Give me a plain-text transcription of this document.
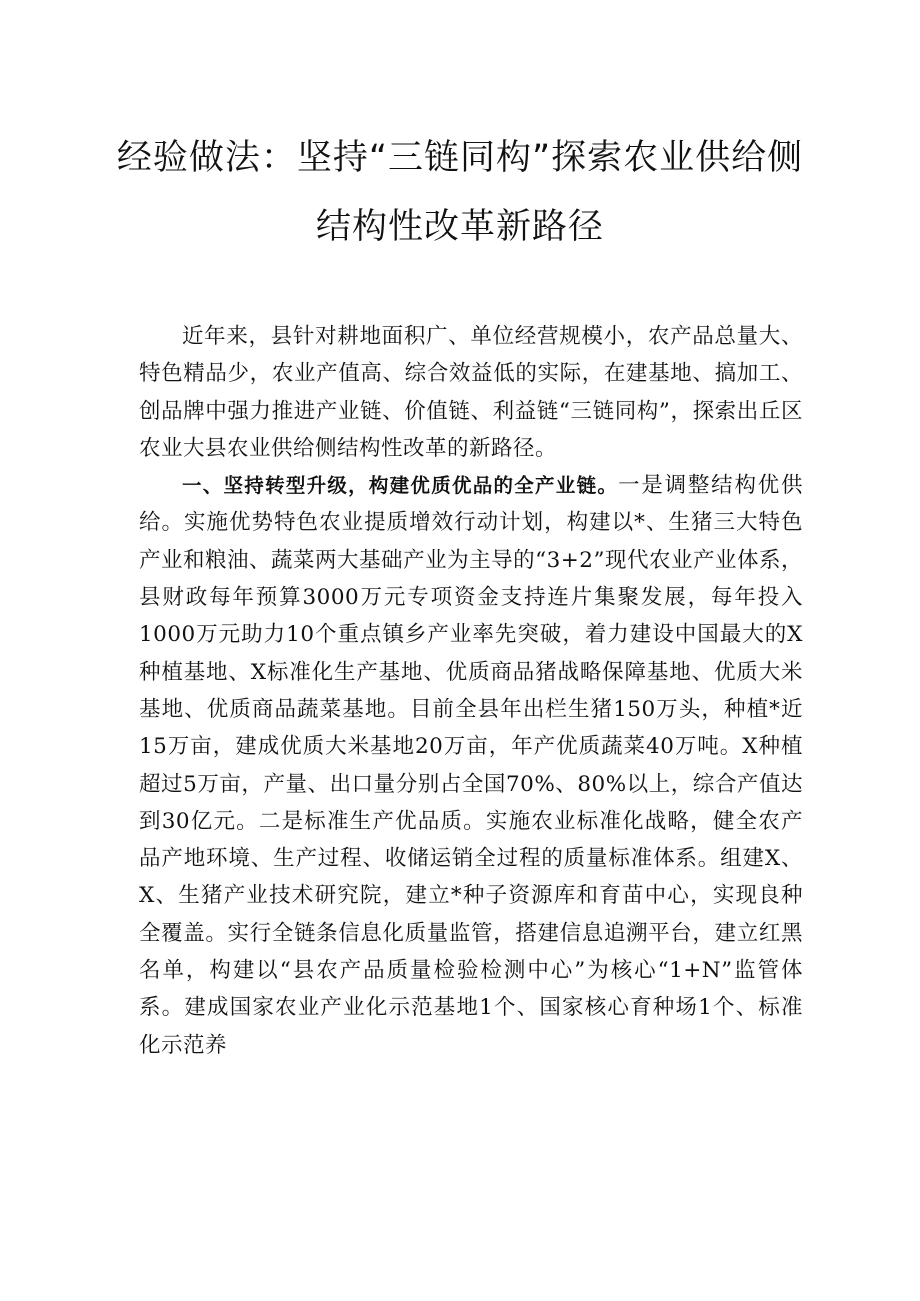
经验做法：坚持“三链同构”探索农业供给侧
结构性改革新路径

近年来，县针对耕地面积广、单位经营规模小，农产品总量大、特色精品少，农业产值高、综合效益低的实际，在建基地、搞加工、创品牌中强力推进产业链、价值链、利益链“三链同构”，探索出丘区农业大县农业供给侧结构性改革的新路径。

一、坚持转型升级，构建优质优品的全产业链。一是调整结构优供给。实施优势特色农业提质增效行动计划，构建以*、生猪三大特色产业和粮油、蔬菜两大基础产业为主导的“3+2”现代农业产业体系，县财政每年预算3000万元专项资金支持连片集聚发展，每年投入1000万元助力10个重点镇乡产业率先突破，着力建设中国最大的X种植基地、X标准化生产基地、优质商品猪战略保障基地、优质大米基地、优质商品蔬菜基地。目前全县年出栏生猪150万头，种植*近15万亩，建成优质大米基地20万亩，年产优质蔬菜40万吨。X种植超过5万亩，产量、出口量分别占全国70%、80%以上，综合产值达到30亿元。二是标准生产优品质。实施农业标准化战略，健全农产品产地环境、生产过程、收储运销全过程的质量标准体系。组建X、X、生猪产业技术研究院，建立*种子资源库和育苗中心，实现良种全覆盖。实行全链条信息化质量监管，搭建信息追溯平台，建立红黑名单，构建以“县农产品质量检验检测中心”为核心“1+N”监管体系。建成国家农业产业化示范基地1个、国家核心育种场1个、标准化示范养
